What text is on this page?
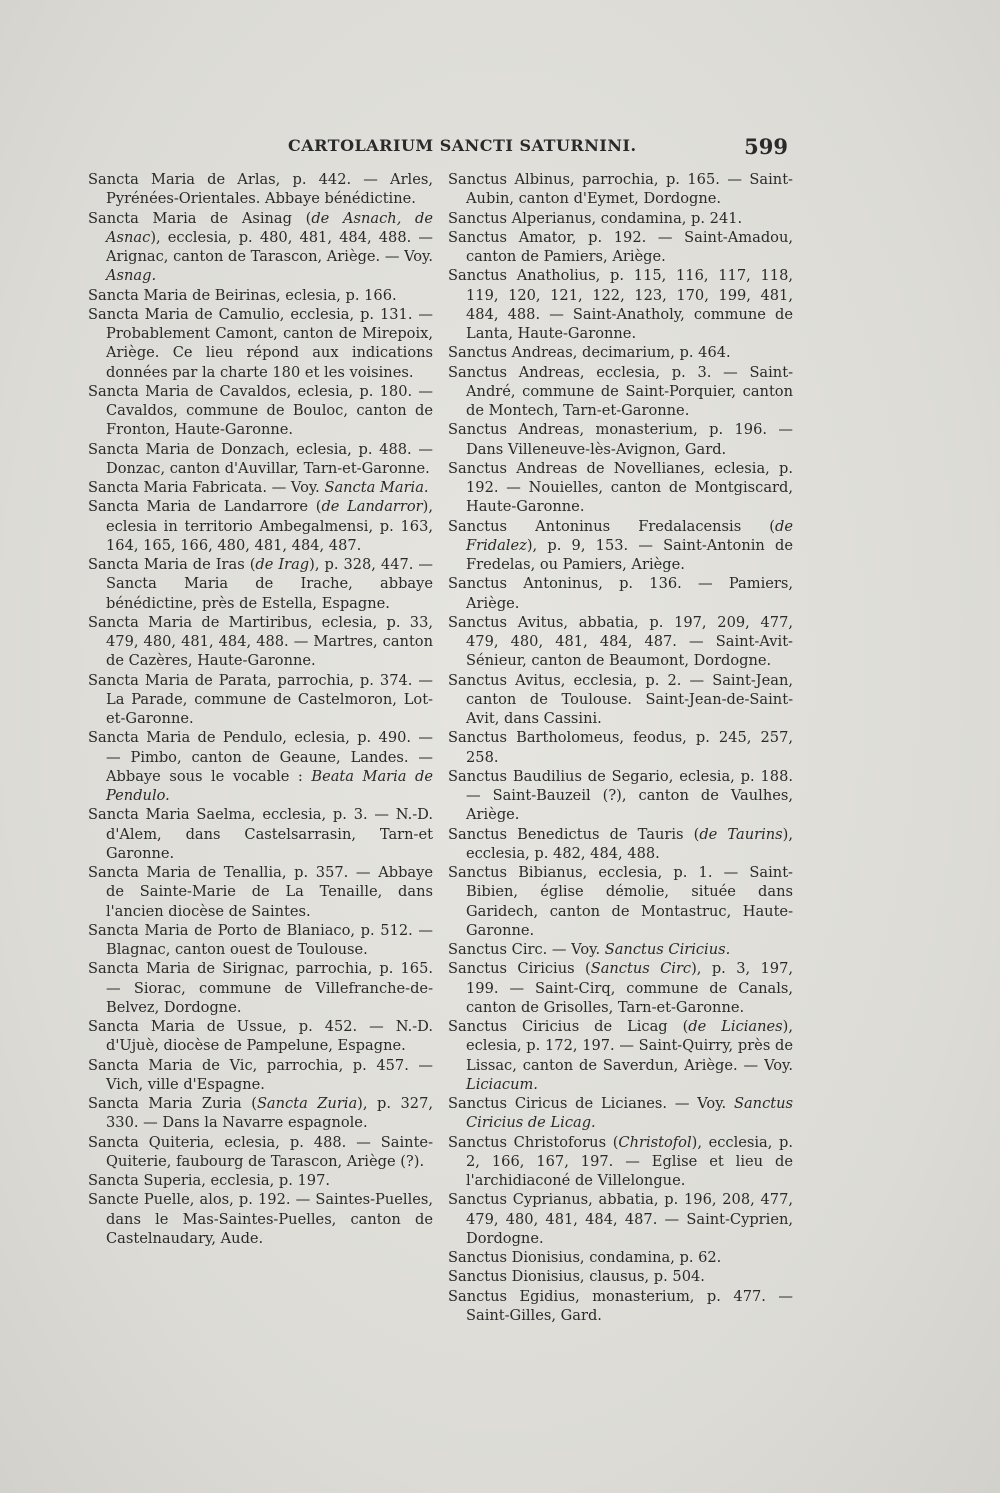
CARTOLARIUM SANCTI SATURNINI.	599
Sancta Maria de Arlas, p. 442. — Arles, Pyrénées-Orientales. Abbaye bénédictine.
Sancta Maria de Asinag (de Asnach, de Asnac), ecclesia, p. 480, 481, 484, 488. — Arignac, canton de Tarascon, Ariège. — Voy. Asnag.
Sancta Maria de Beirinas, eclesia, p. 166.
Sancta Maria de Camulio, ecclesia, p. 131. — Probablement Camont, canton de Mirepoix, Ariège. Ce lieu répond aux indications données par la charte 180 et les voisines.
Sancta Maria de Cavaldos, eclesia, p. 180. — Cavaldos, commune de Bouloc, canton de Fronton, Haute-Garonne.
Sancta Maria de Donzach, eclesia, p. 488. — Donzac, canton d'Auvillar, Tarn-et-Garonne.
Sancta Maria Fabricata. — Voy. Sancta Maria.
Sancta Maria de Landarrore (de Landarror), eclesia in territorio Ambegalmensi, p. 163, 164, 165, 166, 480, 481, 484, 487.
Sancta Maria de Iras (de Irag), p. 328, 447. — Sancta Maria de Irache, abbaye bénédictine, près de Estella, Espagne.
Sancta Maria de Martiribus, eclesia, p. 33, 479, 480, 481, 484, 488. — Martres, canton de Cazères, Haute-Garonne.
Sancta Maria de Parata, parrochia, p. 374. — La Parade, commune de Castelmoron, Lot-et-Garonne.
Sancta Maria de Pendulo, eclesia, p. 490. — — Pimbo, canton de Geaune, Landes. — Abbaye sous le vocable : Beata Maria de Pendulo.
Sancta Maria Saelma, ecclesia, p. 3. — N.-D. d'Alem, dans Castelsarrasin, Tarn-et Garonne.
Sancta Maria de Tenallia, p. 357. — Abbaye de Sainte-Marie de La Tenaille, dans l'ancien diocèse de Saintes.
Sancta Maria de Porto de Blaniaco, p. 512. — Blagnac, canton ouest de Toulouse.
Sancta Maria de Sirignac, parrochia, p. 165. — Siorac, commune de Villefranche-de-Belvez, Dordogne.
Sancta Maria de Ussue, p. 452. — N.-D. d'Ujuè, diocèse de Pampelune, Espagne.
Sancta Maria de Vic, parrochia, p. 457. — Vich, ville d'Espagne.
Sancta Maria Zuria (Sancta Zuria), p. 327, 330. — Dans la Navarre espagnole.
Sancta Quiteria, eclesia, p. 488. — Sainte-Quiterie, faubourg de Tarascon, Ariège (?).
Sancta Superia, ecclesia, p. 197.
Sancte Puelle, alos, p. 192. — Saintes-Puelles, dans le Mas-Saintes-Puelles, canton de Castelnaudary, Aude.
Sanctus Albinus, parrochia, p. 165. — Saint-Aubin, canton d'Eymet, Dordogne.
Sanctus Alperianus, condamina, p. 241.
Sanctus Amator, p. 192. — Saint-Amadou, canton de Pamiers, Ariège.
Sanctus Anatholius, p. 115, 116, 117, 118, 119, 120, 121, 122, 123, 170, 199, 481, 484, 488. — Saint-Anatholy, commune de Lanta, Haute-Garonne.
Sanctus Andreas, decimarium, p. 464.
Sanctus Andreas, ecclesia, p. 3. — Saint-André, commune de Saint-Porquier, canton de Montech, Tarn-et-Garonne.
Sanctus Andreas, monasterium, p. 196. — Dans Villeneuve-lès-Avignon, Gard.
Sanctus Andreas de Novellianes, eclesia, p. 192. — Nouielles, canton de Montgiscard, Haute-Garonne.
Sanctus Antoninus Fredalacensis (de Fridalez), p. 9, 153. — Saint-Antonin de Fredelas, ou Pamiers, Ariège.
Sanctus Antoninus, p. 136. — Pamiers, Ariège.
Sanctus Avitus, abbatia, p. 197, 209, 477, 479, 480, 481, 484, 487. — Saint-Avit-Sénieur, canton de Beaumont, Dordogne.
Sanctus Avitus, ecclesia, p. 2. — Saint-Jean, canton de Toulouse. Saint-Jean-de-Saint-Avit, dans Cassini.
Sanctus Bartholomeus, feodus, p. 245, 257, 258.
Sanctus Baudilius de Segario, eclesia, p. 188. — Saint-Bauzeil (?), canton de Vaulhes, Ariège.
Sanctus Benedictus de Tauris (de Taurins), ecclesia, p. 482, 484, 488.
Sanctus Bibianus, ecclesia, p. 1. — Saint-Bibien, église démolie, située dans Garidech, canton de Montastruc, Haute-Garonne.
Sanctus Circ. — Voy. Sanctus Ciricius.
Sanctus Ciricius (Sanctus Circ), p. 3, 197, 199. — Saint-Cirq, commune de Canals, canton de Grisolles, Tarn-et-Garonne.
Sanctus Ciricius de Licag (de Licianes), eclesia, p. 172, 197. — Saint-Quirry, près de Lissac, canton de Saverdun, Ariège. — Voy. Liciacum.
Sanctus Ciricus de Licianes. — Voy. Sanctus Ciricius de Licag.
Sanctus Christoforus (Christofol), ecclesia, p. 2, 166, 167, 197. — Eglise et lieu de l'archidiaconé de Villelongue.
Sanctus Cyprianus, abbatia, p. 196, 208, 477, 479, 480, 481, 484, 487. — Saint-Cyprien, Dordogne.
Sanctus Dionisius, condamina, p. 62.
Sanctus Dionisius, clausus, p. 504.
Sanctus Egidius, monasterium, p. 477. — Saint-Gilles, Gard.
